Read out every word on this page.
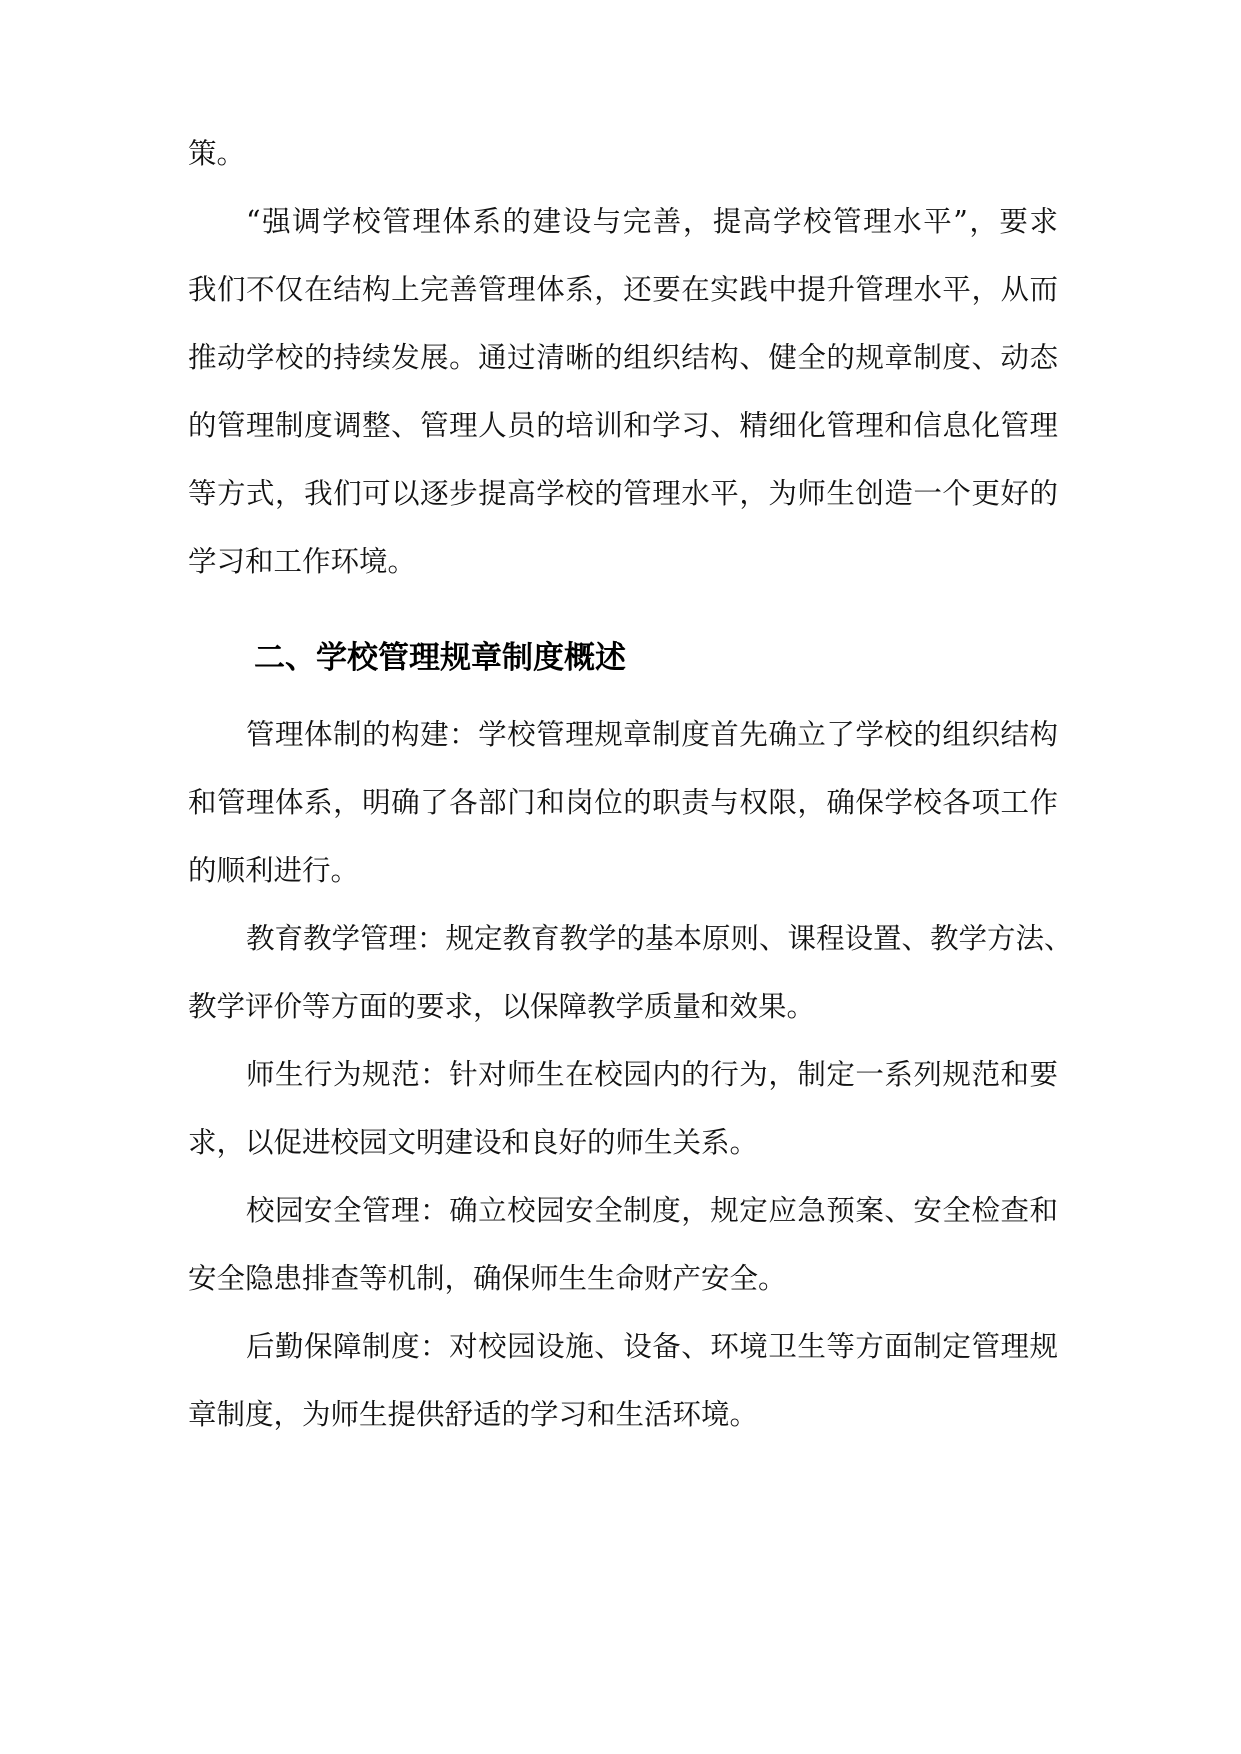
策。
“强调学校管理体系的建设与完善，提高学校管理水平”，要求
我们不仅在结构上完善管理体系，还要在实践中提升管理水平，从而
推动学校的持续发展。通过清晰的组织结构、健全的规章制度、动态
的管理制度调整、管理人员的培训和学习、精细化管理和信息化管理
等方式，我们可以逐步提高学校的管理水平，为师生创造一个更好的
学习和工作环境。
二、学校管理规章制度概述
管理体制的构建：学校管理规章制度首先确立了学校的组织结构
和管理体系，明确了各部门和岗位的职责与权限，确保学校各项工作
的顺利进行。
教育教学管理：规定教育教学的基本原则、课程设置、教学方法、
教学评价等方面的要求，以保障教学质量和效果。
师生行为规范：针对师生在校园内的行为，制定一系列规范和要
求，以促进校园文明建设和良好的师生关系。
校园安全管理：确立校园安全制度，规定应急预案、安全检查和
安全隐患排查等机制，确保师生生命财产安全。
后勤保障制度：对校园设施、设备、环境卫生等方面制定管理规
章制度，为师生提供舒适的学习和生活环境。
